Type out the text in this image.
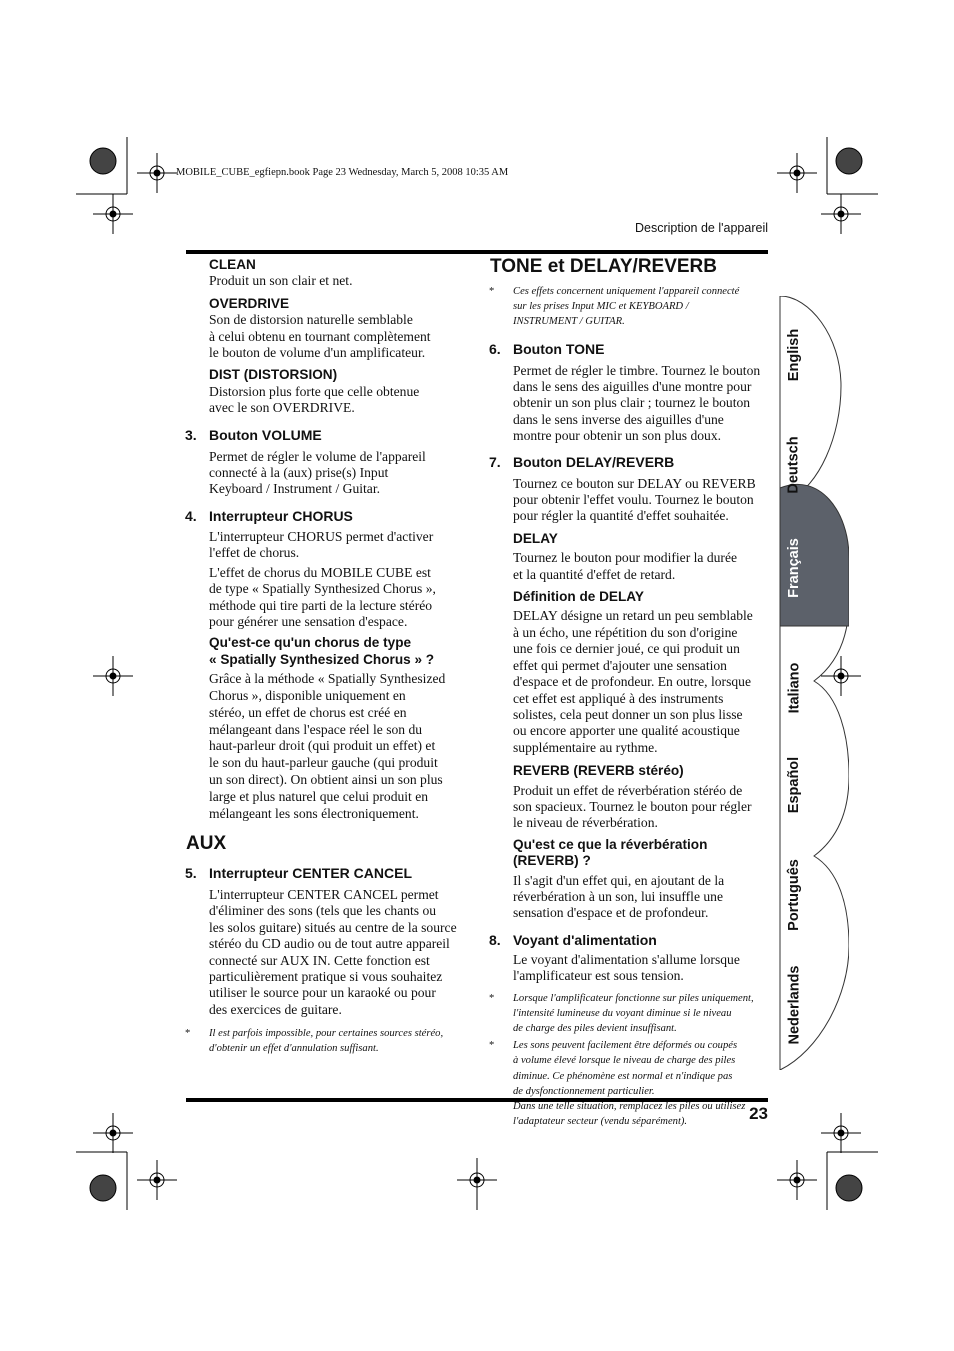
MOBILE_CUBE_egfiepn.book Page 23 Wednesday, March 5, 2008 10:35 AM
Description de l'appareil
23

CLEAN

Produit un son clair et net.

OVERDRIVE

Son de distorsion naturelle semblable

à celui obtenu en tournant complètement

le bouton de volume d'un amplificateur.

DIST (DISTORSION)

Distorsion plus forte que celle obtenue

avec le son OVERDRIVE.

3. Bouton VOLUME

Permet de régler le volume de l'appareil

connecté à la (aux) prise(s) Input

Keyboard / Instrument / Guitar.

4. Interrupteur CHORUS

L'interrupteur CHORUS permet d'activer

l'effet de chorus.

L'effet de chorus du MOBILE CUBE est

de type « Spatially Synthesized Chorus »,

méthode qui tire parti de la lecture stéréo

pour générer une sensation d'espace.

Qu'est-ce qu'un chorus de type

« Spatially Synthesized Chorus » ?

Grâce à la méthode « Spatially Synthesized

Chorus », disponible uniquement en

stéréo, un effet de chorus est créé en

mélangeant dans l'espace réel le son du

haut-parleur droit (qui produit un effet) et

le son du haut-parleur gauche (qui produit

un son direct). On obtient ainsi un son plus

large et plus naturel que celui produit en

mélangeant les sons électroniquement.

AUX
5. Interrupteur CENTER CANCEL

L'interrupteur CENTER CANCEL permet

d'éliminer des sons (tels que les chants ou

les solos guitare) situés au centre de la source

stéréo du CD audio ou de tout autre appareil

connecté sur AUX IN. Cette fonction est

particulièrement pratique si vous souhaitez

utiliser le source pour un karaoké ou pour

des exercices de guitare.

* Il est parfois impossible, pour certaines sources stéréo,
d'obtenir un effet d'annulation suffisant.
TONE et DELAY/REVERB
* Ces effets concernent uniquement l'appareil connecté
sur les prises Input MIC et KEYBOARD /
INSTRUMENT / GUITAR.
6. Bouton TONE

Permet de régler le timbre. Tournez le bouton

dans le sens des aiguilles d'une montre pour

obtenir un son plus clair ; tournez le bouton

dans le sens inverse des aiguilles d'une

montre pour obtenir un son plus doux.

7. Bouton DELAY/REVERB

Tournez ce bouton sur DELAY ou REVERB

pour obtenir l'effet voulu. Tournez le bouton

pour régler la quantité d'effet souhaitée.

DELAY

Tournez le bouton pour modifier la durée

et la quantité d'effet de retard.

Définition de DELAY

DELAY désigne un retard un peu semblable

à un écho, une répétition du son d'origine

une fois ce dernier joué, ce qui produit un

effet qui permet d'ajouter une sensation

d'espace et de profondeur. En outre, lorsque

cet effet est appliqué à des instruments

solistes, cela peut donner un son plus lisse

ou encore apporter une qualité acoustique

supplémentaire au rythme.

REVERB (REVERB stéréo)

Produit un effet de réverbération stéréo de

son spacieux. Tournez le bouton pour régler

le niveau de réverbération.

Qu'est ce que la réverbération (REVERB) ?

Il s'agit d'un effet qui, en ajoutant de la

réverbération à un son, lui insuffle une

sensation d'espace et de profondeur.

8. Voyant d'alimentation

Le voyant d'alimentation s'allume lorsque

l'amplificateur est sous tension.

* Lorsque l'amplificateur fonctionne sur piles uniquement,
l'intensité lumineuse du voyant diminue si le niveau
de charge des piles devient insuffisant.
* Les sons peuvent facilement être déformés ou coupés
à volume élevé lorsque le niveau de charge des piles
diminue. Ce phénomène est normal et n'indique pas
de dysfonctionnement particulier.
Dans une telle situation, remplacez les piles ou utilisez
l'adaptateur secteur (vendu séparément).
English
Deutsch
Français
Italiano
Español
Português
Nederlands
